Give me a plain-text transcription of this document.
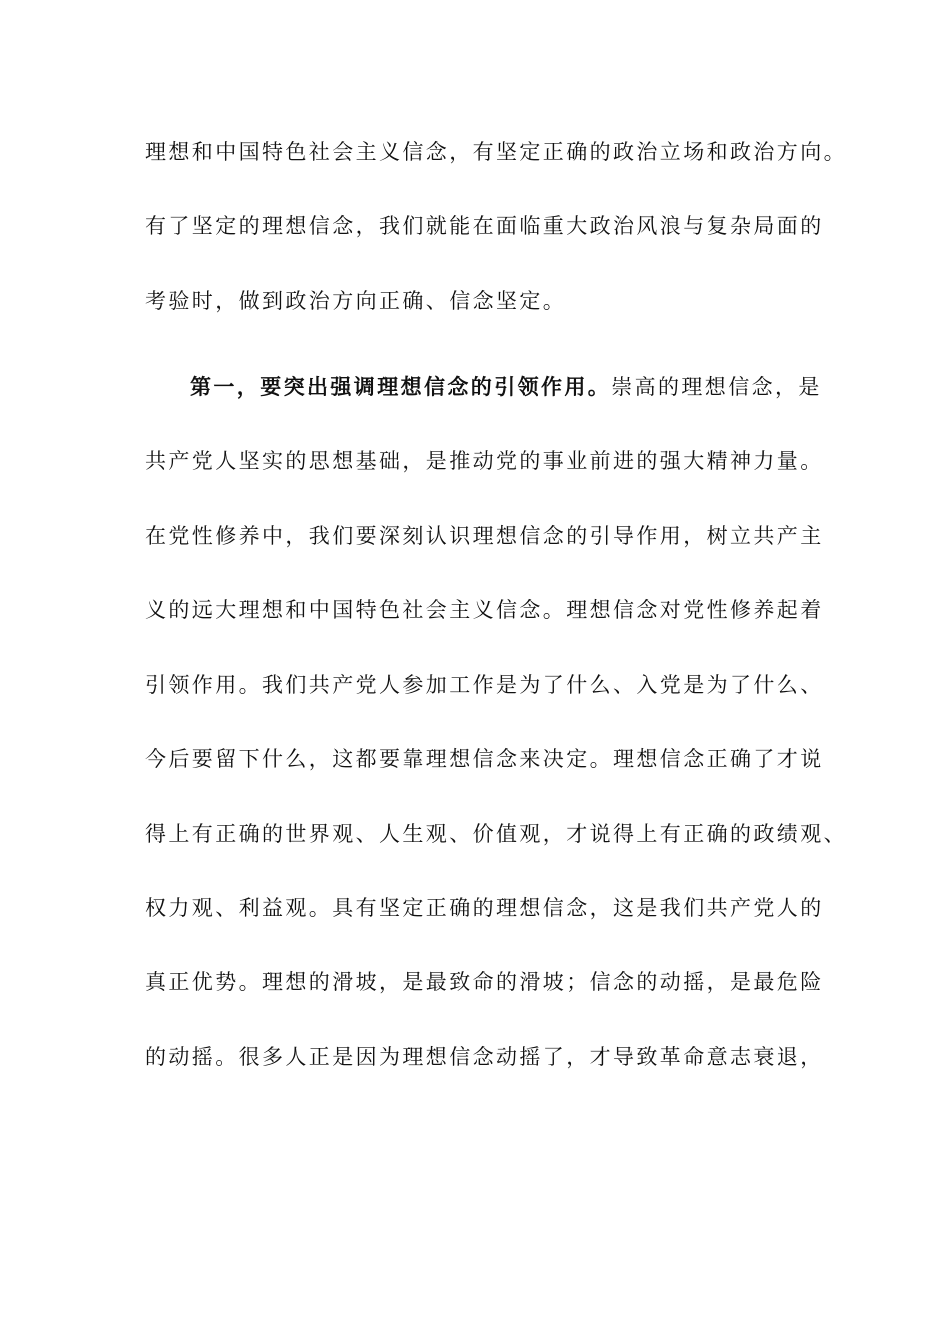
理想和中国特色社会主义信念，有坚定正确的政治立场和政治方向。
有了坚定的理想信念，我们就能在面临重大政治风浪与复杂局面的
考验时，做到政治方向正确、信念坚定。
第一，要突出强调理想信念的引领作用。崇高的理想信念，是
共产党人坚实的思想基础，是推动党的事业前进的强大精神力量。
在党性修养中，我们要深刻认识理想信念的引导作用，树立共产主
义的远大理想和中国特色社会主义信念。理想信念对党性修养起着
引领作用。我们共产党人参加工作是为了什么、入党是为了什么、
今后要留下什么，这都要靠理想信念来决定。理想信念正确了才说
得上有正确的世界观、人生观、价值观，才说得上有正确的政绩观、
权力观、利益观。具有坚定正确的理想信念，这是我们共产党人的
真正优势。理想的滑坡，是最致命的滑坡；信念的动摇，是最危险
的动摇。很多人正是因为理想信念动摇了，才导致革命意志衰退，
